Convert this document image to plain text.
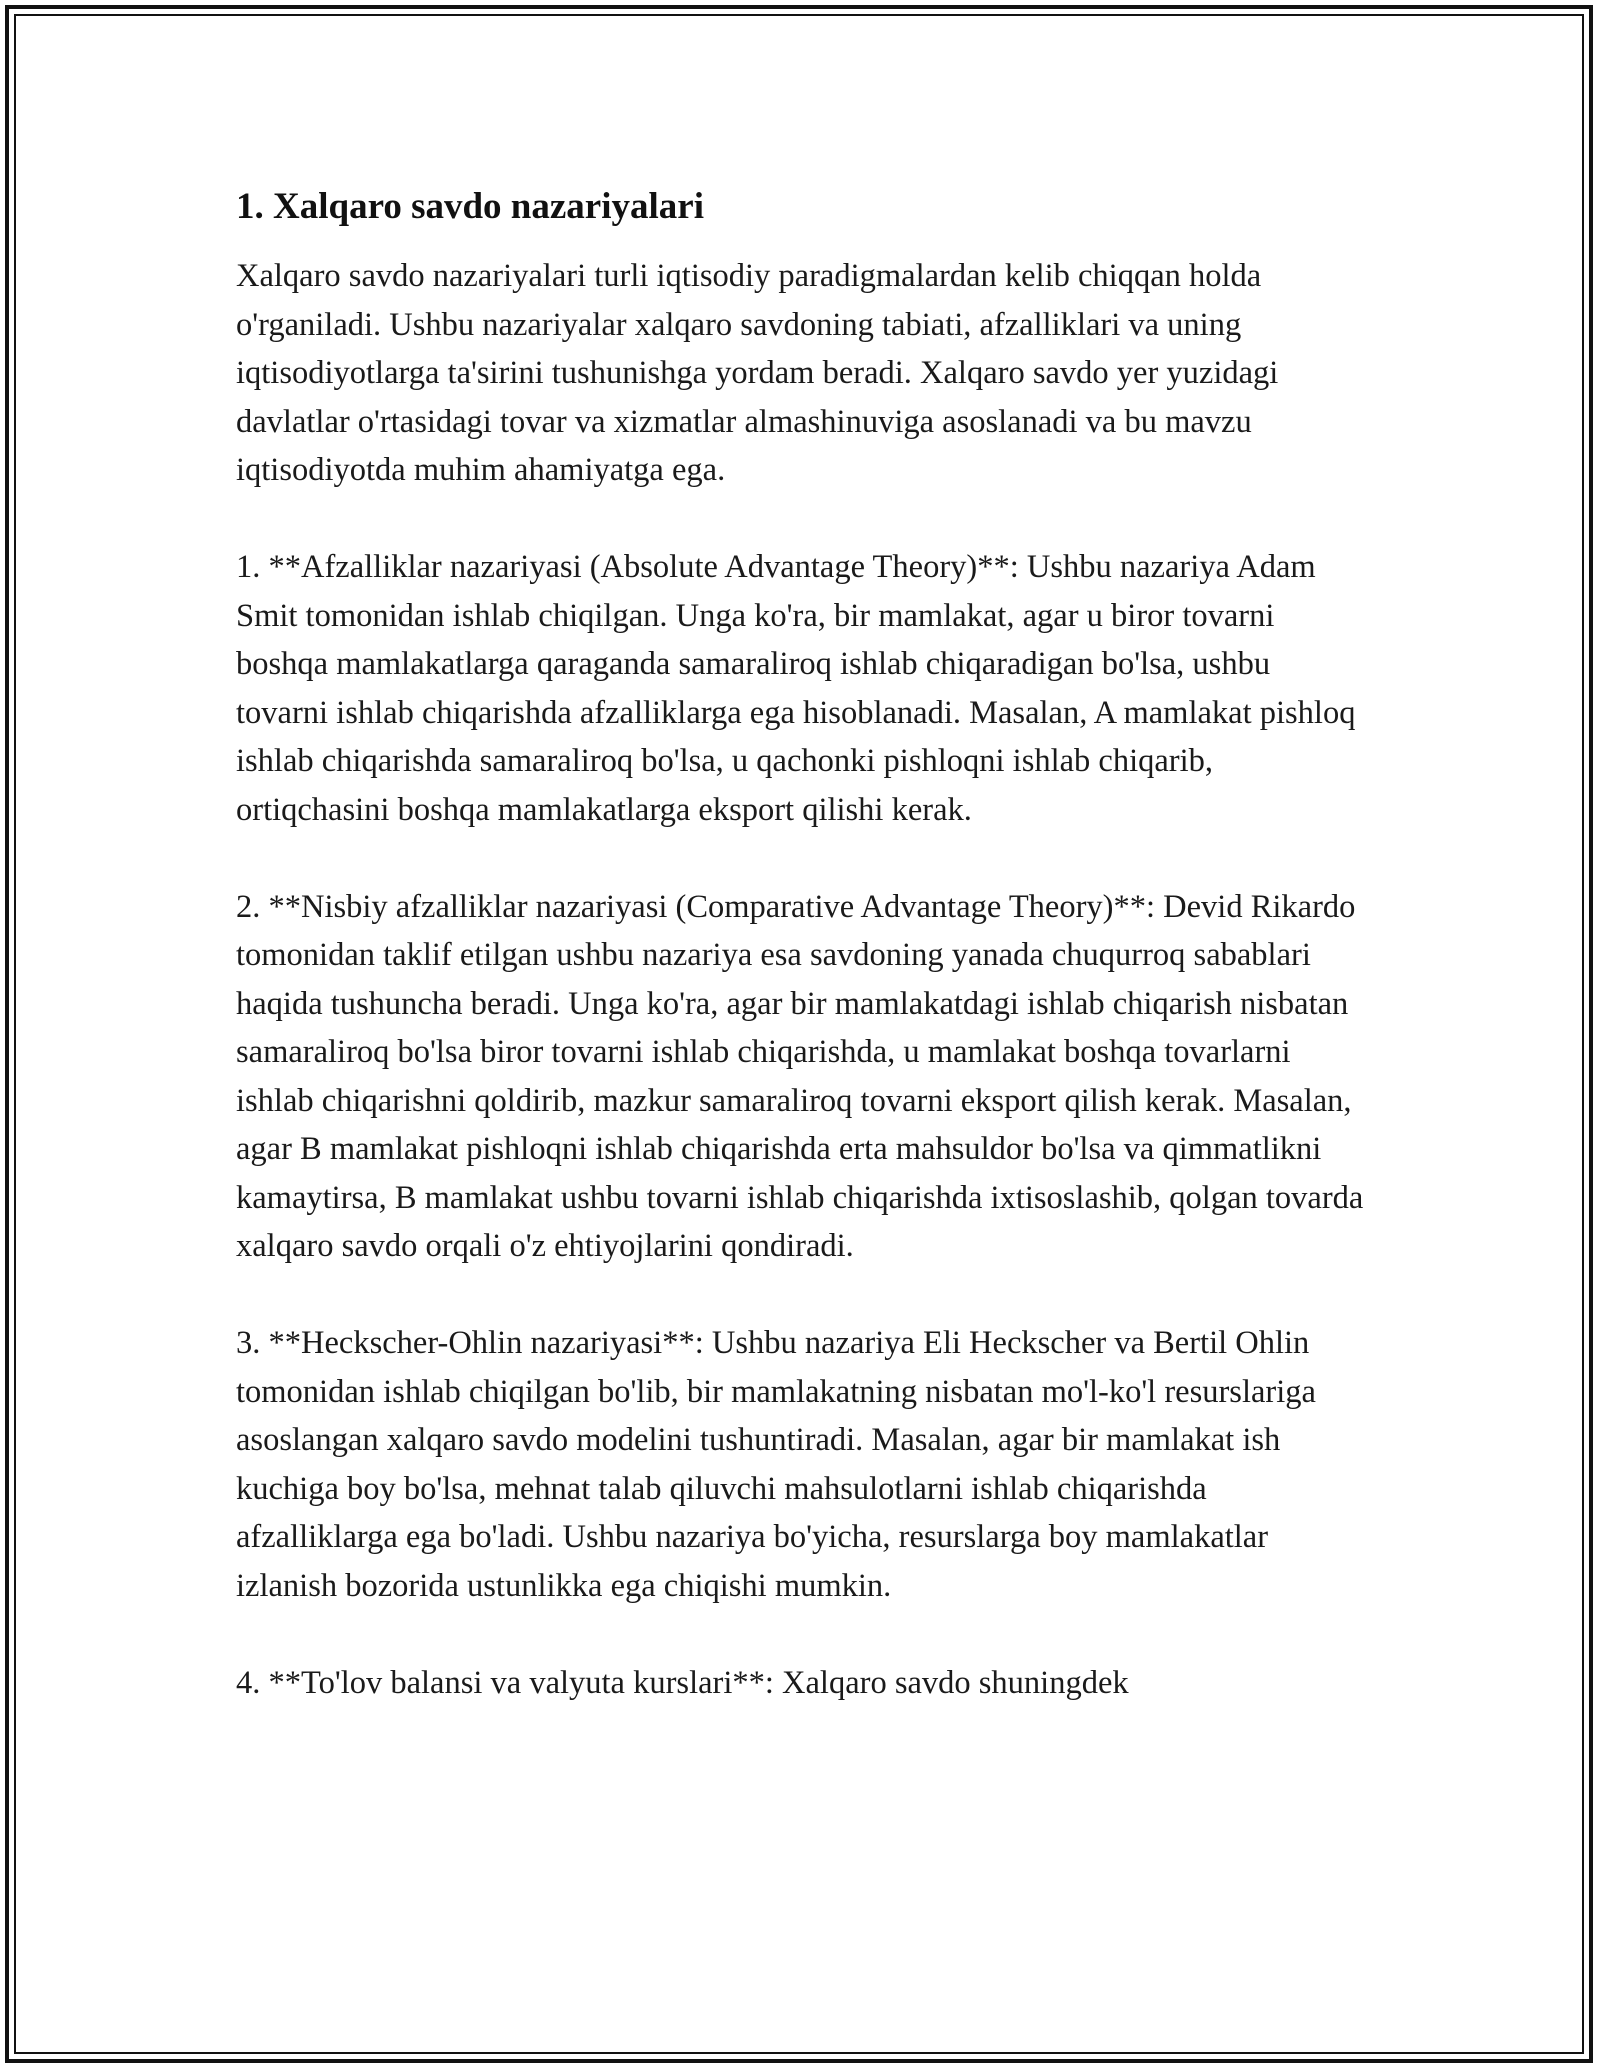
1. Xalqaro savdo nazariyalari

Xalqaro savdo nazariyalari turli iqtisodiy paradigmalardan kelib chiqqan holda o'rganiladi. Ushbu nazariyalar xalqaro savdoning tabiati, afzalliklari va uning iqtisodiyotlarga ta'sirini tushunishga yordam beradi. Xalqaro savdo yer yuzidagi davlatlar o'rtasidagi tovar va xizmatlar almashinuviga asoslanadi va bu mavzu iqtisodiyotda muhim ahamiyatga ega.

1. **Afzalliklar nazariyasi (Absolute Advantage Theory)**: Ushbu nazariya Adam Smit tomonidan ishlab chiqilgan. Unga ko'ra, bir mamlakat, agar u biror tovarni boshqa mamlakatlarga qaraganda samaraliroq ishlab chiqaradigan bo'lsa, ushbu tovarni ishlab chiqarishda afzalliklarga ega hisoblanadi. Masalan, A mamlakat pishloq ishlab chiqarishda samaraliroq bo'lsa, u qachonki pishloqni ishlab chiqarib, ortiqchasini boshqa mamlakatlarga eksport qilishi kerak.

2. **Nisbiy afzalliklar nazariyasi (Comparative Advantage Theory)**: Devid Rikardo tomonidan taklif etilgan ushbu nazariya esa savdoning yanada chuqurroq sabablari haqida tushuncha beradi. Unga ko'ra, agar bir mamlakatdagi ishlab chiqarish nisbatan samaraliroq bo'lsa biror tovarni ishlab chiqarishda, u mamlakat boshqa tovarlarni ishlab chiqarishni qoldirib, mazkur samaraliroq tovarni eksport qilish kerak. Masalan, agar B mamlakat pishloqni ishlab chiqarishda erta mahsuldor bo'lsa va qimmatlikni kamaytirsa, B mamlakat ushbu tovarni ishlab chiqarishda ixtisoslashib, qolgan tovarda xalqaro savdo orqali o'z ehtiyojlarini qondiradi.

3. **Heckscher-Ohlin nazariyasi**: Ushbu nazariya Eli Heckscher va Bertil Ohlin tomonidan ishlab chiqilgan bo'lib, bir mamlakatning nisbatan mo'l-ko'l resurslariga asoslangan xalqaro savdo modelini tushuntiradi. Masalan, agar bir mamlakat ish kuchiga boy bo'lsa, mehnat talab qiluvchi mahsulotlarni ishlab chiqarishda afzalliklarga ega bo'ladi. Ushbu nazariya bo'yicha, resurslarga boy mamlakatlar izlanish bozorida ustunlikka ega chiqishi mumkin.

4. **To'lov balansi va valyuta kurslari**: Xalqaro savdo shuningdek
